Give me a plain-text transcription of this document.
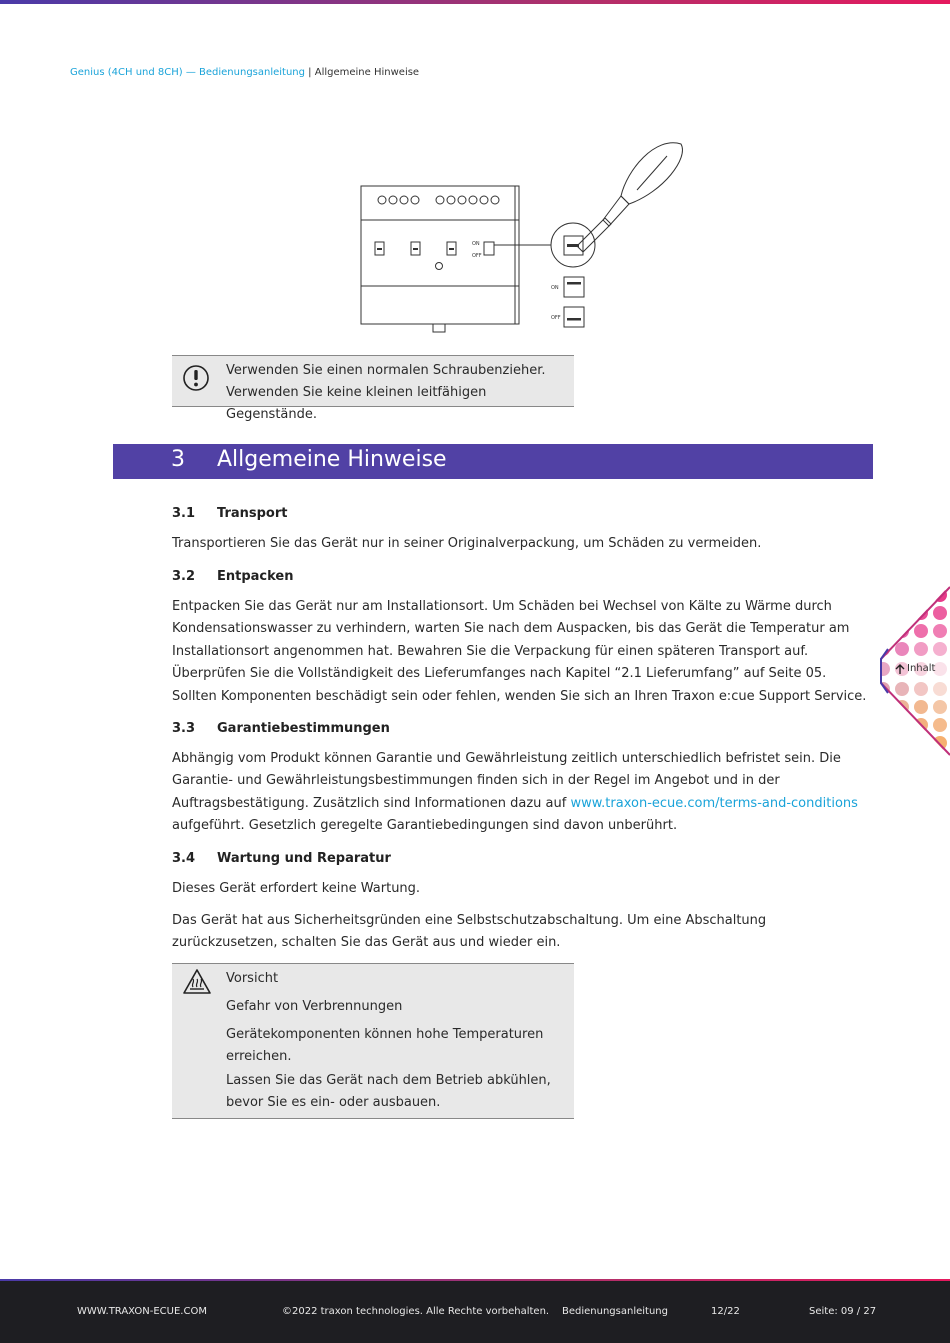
Genius (4CH und 8CH) — Bedienungsanleitung | Allgemeine Hinweise
ON
OFF
ON
OFF
Verwenden Sie einen normalen Schraubenzieher.
Verwenden Sie keine kleinen leitfähigen Gegenstände.
3 Allgemeine Hinweise
3.1 Transport
Transportieren Sie das Gerät nur in seiner Originalverpackung, um Schäden zu vermeiden.
3.2 Entpacken
Entpacken Sie das Gerät nur am Installationsort. Um Schäden bei Wechsel von Kälte zu Wärme durch Kondensationswasser zu verhindern, warten Sie nach dem Auspacken, bis das Gerät die Temperatur am Installationsort angenommen hat. Bewahren Sie die Verpackung für einen späteren Transport auf.
Überprüfen Sie die Vollständigkeit des Lieferumfanges nach Kapitel “2.1 Lieferumfang” auf Seite 05.
Sollten Komponenten beschädigt sein oder fehlen, wenden Sie sich an Ihren Traxon e:cue Support Service.
3.3 Garantiebestimmungen
Abhängig vom Produkt können Garantie und Gewährleistung zeitlich unterschiedlich befristet sein. Die Garantie- und Gewährleistungsbestimmungen finden sich in der Regel im Angebot und in der Auftragsbestätigung. Zusätzlich sind Informationen dazu auf www.traxon-ecue.com/terms-and-conditions aufgeführt. Gesetzlich geregelte Garantiebedingungen sind davon unberührt.
3.4 Wartung und Reparatur
Dieses Gerät erfordert keine Wartung.
Das Gerät hat aus Sicherheitsgründen eine Selbstschutzabschaltung. Um eine Abschaltung zurückzusetzen, schalten Sie das Gerät aus und wieder ein.
Vorsicht
Gefahr von Verbrennungen
Gerätekomponenten können hohe Temperaturen erreichen.
Lassen Sie das Gerät nach dem Betrieb abkühlen, bevor Sie es ein- oder ausbauen.
Inhalt
WWW.TRAXON-ECUE.COM	©2022 traxon technologies. Alle Rechte vorbehalten. Bedienungsanleitung	12/22	Seite: 09 / 27
